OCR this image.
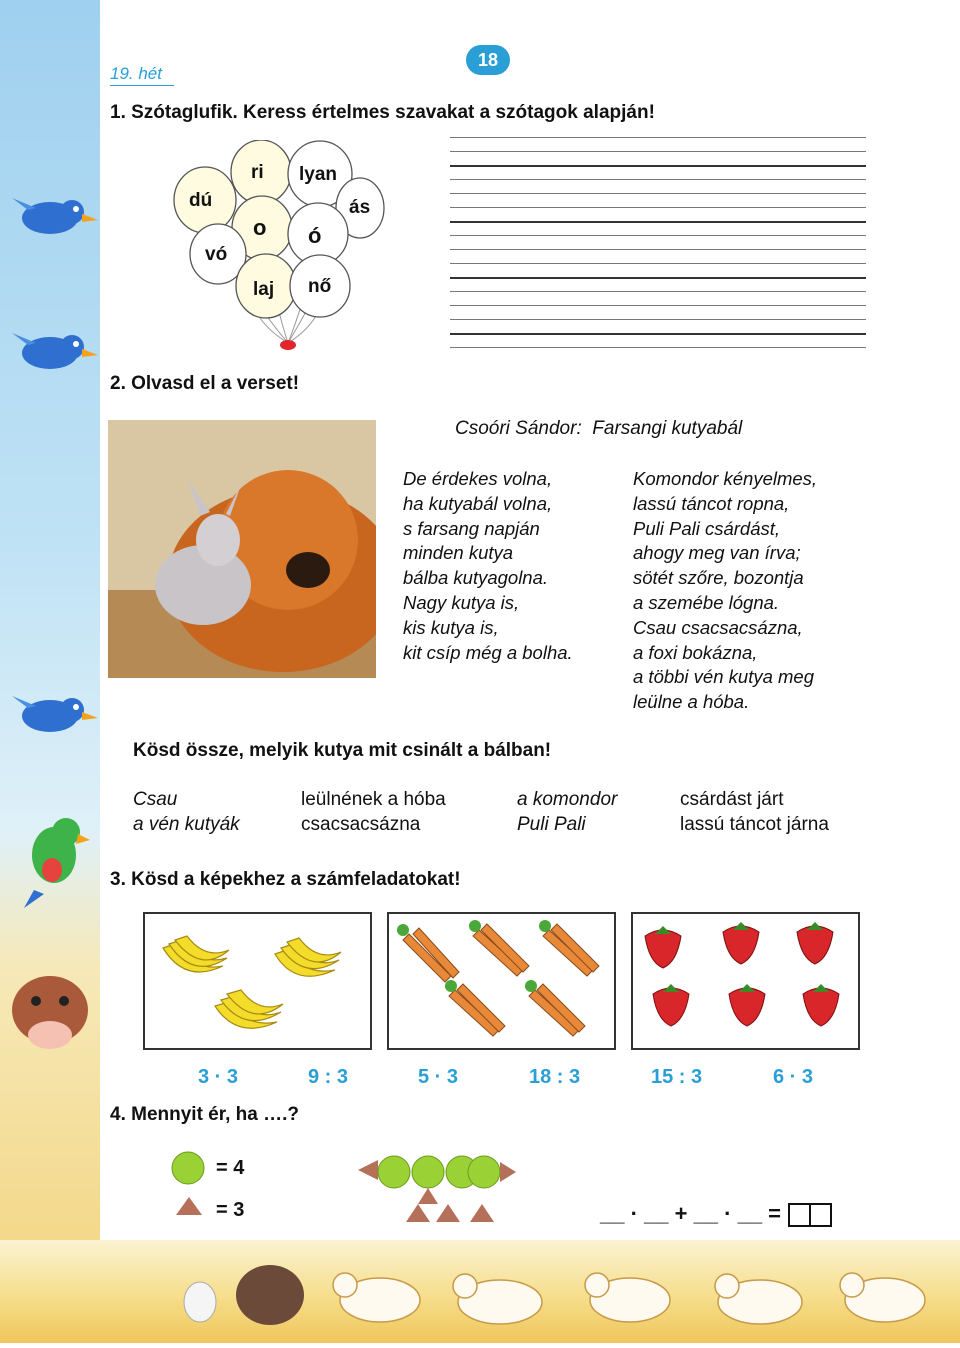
19. hét
18
1. Szótaglufik. Keress értelmes szavakat a szótagok alapján!
dú
ri lyan
ás
o ó
vó
laj nő
2. Olvasd el a verset!
Csoóri Sándor:  Farsangi kutyabál
De érdekes volna,
ha kutyabál volna,
s farsang napján
minden kutya
bálba kutyagolna.
Nagy kutya is,
kis kutya is,
kit csíp még a bolha.
Komondor kényelmes,
lassú táncot ropna,
Puli Pali csárdást,
ahogy meg van írva;
sötét szőre, bozontja
a szemébe lógna.
Csau csacsacsázna,
a foxi bokázna,
a többi vén kutya meg
leülne a hóba.
Kösd össze, melyik kutya mit csinált a bálban!
Csau	leülnének a hóba	a komondor	csárdást járt
a vén kutyák	csacsacsázna	Puli Pali	lassú táncot járna
3. Kösd a képekhez a számfeladatokat!
3 · 3	9 : 3	5 · 3	18 : 3	15 : 3	6 · 3
4. Mennyit ér, ha ….?
= 4
= 3	__ · __ + __ · __ =
